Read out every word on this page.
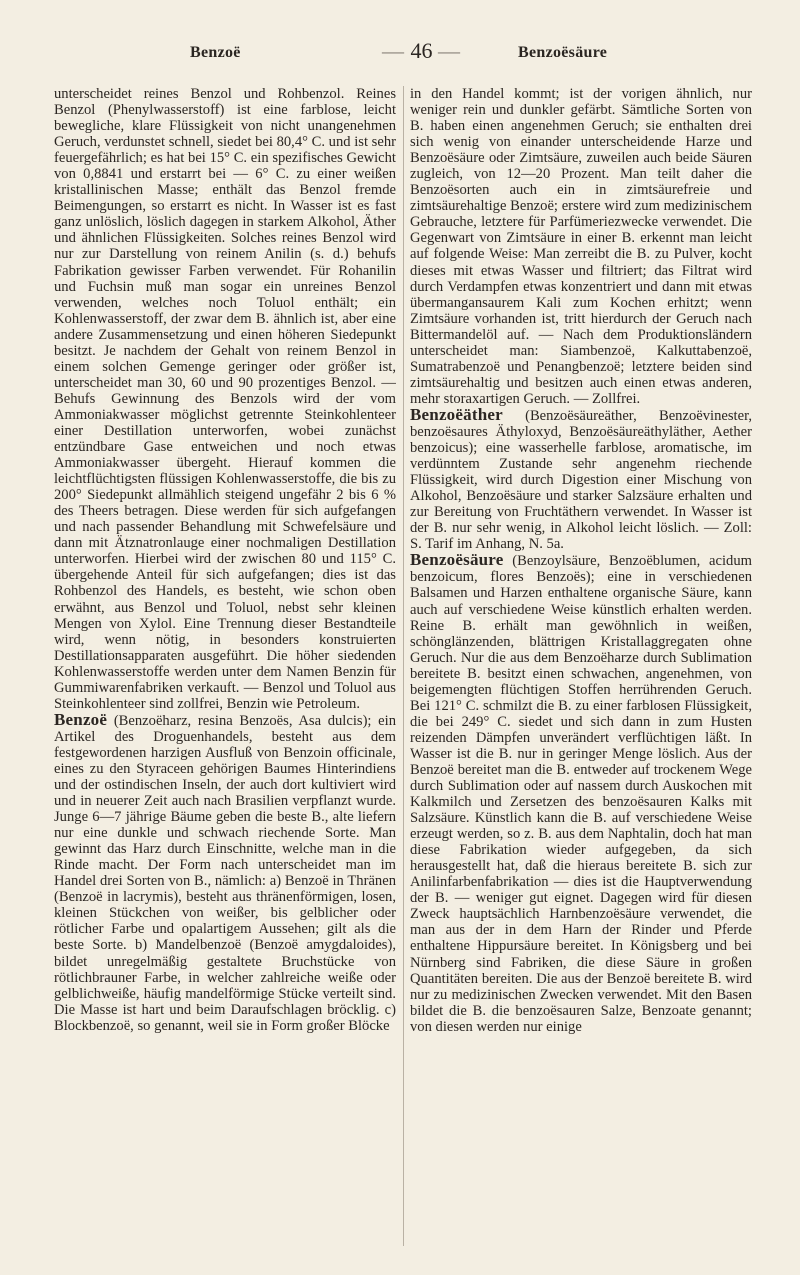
Benzoë	— 46 —	Benzoësäure

unterscheidet reines Benzol und Rohbenzol. Reines Benzol (Phenylwasserstoff) ist eine farblose, leicht bewegliche, klare Flüssigkeit von nicht unangenehmen Geruch, verdunstet schnell, siedet bei 80,4° C. und ist sehr feuergefährlich; es hat bei 15° C. ein spezifisches Gewicht von 0,8841 und erstarrt bei — 6° C. zu einer weißen kristallinischen Masse; enthält das Benzol fremde Beimengungen, so erstarrt es nicht. In Wasser ist es fast ganz unlöslich, löslich dagegen in starkem Alkohol, Äther und ähnlichen Flüssigkeiten. Solches reines Benzol wird nur zur Darstellung von reinem Anilin (s. d.) behufs Fabrikation gewisser Farben verwendet. Für Rohanilin und Fuchsin muß man sogar ein unreines Benzol verwenden, welches noch Toluol enthält; ein Kohlenwasserstoff, der zwar dem B. ähnlich ist, aber eine andere Zusammensetzung und einen höheren Siedepunkt besitzt. Je nachdem der Gehalt von reinem Benzol in einem solchen Gemenge geringer oder größer ist, unterscheidet man 30, 60 und 90 prozentiges Benzol. — Behufs Gewinnung des Benzols wird der vom Ammoniakwasser möglichst getrennte Steinkohlenteer einer Destillation unterworfen, wobei zunächst entzündbare Gase entweichen und noch etwas Ammoniakwasser übergeht. Hierauf kommen die leichtflüchtigsten flüssigen Kohlenwasserstoffe, die bis zu 200° Siedepunkt allmählich steigend ungefähr 2 bis 6 % des Theers betragen. Diese werden für sich aufgefangen und nach passender Behandlung mit Schwefelsäure und dann mit Ätznatronlauge einer nochmaligen Destillation unterworfen. Hierbei wird der zwischen 80 und 115° C. übergehende Anteil für sich aufgefangen; dies ist das Rohbenzol des Handels, es besteht, wie schon oben erwähnt, aus Benzol und Toluol, nebst sehr kleinen Mengen von Xylol. Eine Trennung dieser Bestandteile wird, wenn nötig, in besonders konstruierten Destillationsapparaten ausgeführt. Die höher siedenden Kohlenwasserstoffe werden unter dem Namen Benzin für Gummiwarenfabriken verkauft. — Benzol und Toluol aus Steinkohlenteer sind zollfrei, Benzin wie Petroleum.

Benzoë (Benzoëharz, resina Benzoës, Asa dulcis); ein Artikel des Droguenhandels, besteht aus dem festgewordenen harzigen Ausfluß von Benzoin officinale, eines zu den Styraceen gehörigen Baumes Hinterindiens und der ostindischen Inseln, der auch dort kultiviert wird und in neuerer Zeit auch nach Brasilien verpflanzt wurde. Junge 6—7 jährige Bäume geben die beste B., alte liefern nur eine dunkle und schwach riechende Sorte. Man gewinnt das Harz durch Einschnitte, welche man in die Rinde macht. Der Form nach unterscheidet man im Handel drei Sorten von B., nämlich: a) Benzoë in Thränen (Benzoë in lacrymis), besteht aus thränenförmigen, losen, kleinen Stückchen von weißer, bis gelblicher oder rötlicher Farbe und opalartigem Aussehen; gilt als die beste Sorte. b) Mandelbenzoë (Benzoë amygdaloides), bildet unregelmäßig gestaltete Bruchstücke von rötlichbrauner Farbe, in welcher zahlreiche weiße oder gelblichweiße, häufig mandelförmige Stücke verteilt sind. Die Masse ist hart und beim Daraufschlagen bröcklig. c) Blockbenzoë, so genannt, weil sie in Form großer Blöcke

in den Handel kommt; ist der vorigen ähnlich, nur weniger rein und dunkler gefärbt. Sämtliche Sorten von B. haben einen angenehmen Geruch; sie enthalten drei sich wenig von einander unterscheidende Harze und Benzoësäure oder Zimtsäure, zuweilen auch beide Säuren zugleich, von 12—20 Prozent. Man teilt daher die Benzoësorten auch ein in zimtsäurefreie und zimtsäurehaltige Benzoë; erstere wird zum medizinischem Gebrauche, letztere für Parfümeriezwecke verwendet. Die Gegenwart von Zimtsäure in einer B. erkennt man leicht auf folgende Weise: Man zerreibt die B. zu Pulver, kocht dieses mit etwas Wasser und filtriert; das Filtrat wird durch Verdampfen etwas konzentriert und dann mit etwas übermangansaurem Kali zum Kochen erhitzt; wenn Zimtsäure vorhanden ist, tritt hierdurch der Geruch nach Bittermandelöl auf. — Nach dem Produktionsländern unterscheidet man: Siambenzoë, Kalkuttabenzoë, Sumatrabenzoë und Penangbenzoë; letztere beiden sind zimtsäurehaltig und besitzen auch einen etwas anderen, mehr storaxartigen Geruch. — Zollfrei.

Benzoëäther (Benzoësäureäther, Benzoëvinester, benzoësaures Äthyloxyd, Benzoësäureäthyläther, Aether benzoicus); eine wasserhelle farblose, aromatische, im verdünntem Zustande sehr angenehm riechende Flüssigkeit, wird durch Digestion einer Mischung von Alkohol, Benzoësäure und starker Salzsäure erhalten und zur Bereitung von Fruchtäthern verwendet. In Wasser ist der B. nur sehr wenig, in Alkohol leicht löslich. — Zoll: S. Tarif im Anhang, N. 5a.

Benzoësäure (Benzoylsäure, Benzoëblumen, acidum benzoicum, flores Benzoës); eine in verschiedenen Balsamen und Harzen enthaltene organische Säure, kann auch auf verschiedene Weise künstlich erhalten werden. Reine B. erhält man gewöhnlich in weißen, schönglänzenden, blättrigen Kristallaggregaten ohne Geruch. Nur die aus dem Benzoëharze durch Sublimation bereitete B. besitzt einen schwachen, angenehmen, von beigemengten flüchtigen Stoffen herrührenden Geruch. Bei 121° C. schmilzt die B. zu einer farblosen Flüssigkeit, die bei 249° C. siedet und sich dann in zum Husten reizenden Dämpfen unverändert verflüchtigen läßt. In Wasser ist die B. nur in geringer Menge löslich. Aus der Benzoë bereitet man die B. entweder auf trockenem Wege durch Sublimation oder auf nassem durch Auskochen mit Kalkmilch und Zersetzen des benzoësauren Kalks mit Salzsäure. Künstlich kann die B. auf verschiedene Weise erzeugt werden, so z. B. aus dem Naphtalin, doch hat man diese Fabrikation wieder aufgegeben, da sich herausgestellt hat, daß die hieraus bereitete B. sich zur Anilinfarbenfabrikation — dies ist die Hauptverwendung der B. — weniger gut eignet. Dagegen wird für diesen Zweck hauptsächlich Harnbenzoësäure verwendet, die man aus der in dem Harn der Rinder und Pferde enthaltene Hippursäure bereitet. In Königsberg und bei Nürnberg sind Fabriken, die diese Säure in großen Quantitäten bereiten. Die aus der Benzoë bereitete B. wird nur zu medizinischen Zwecken verwendet. Mit den Basen bildet die B. die benzoësauren Salze, Benzoate genannt; von diesen werden nur einige
